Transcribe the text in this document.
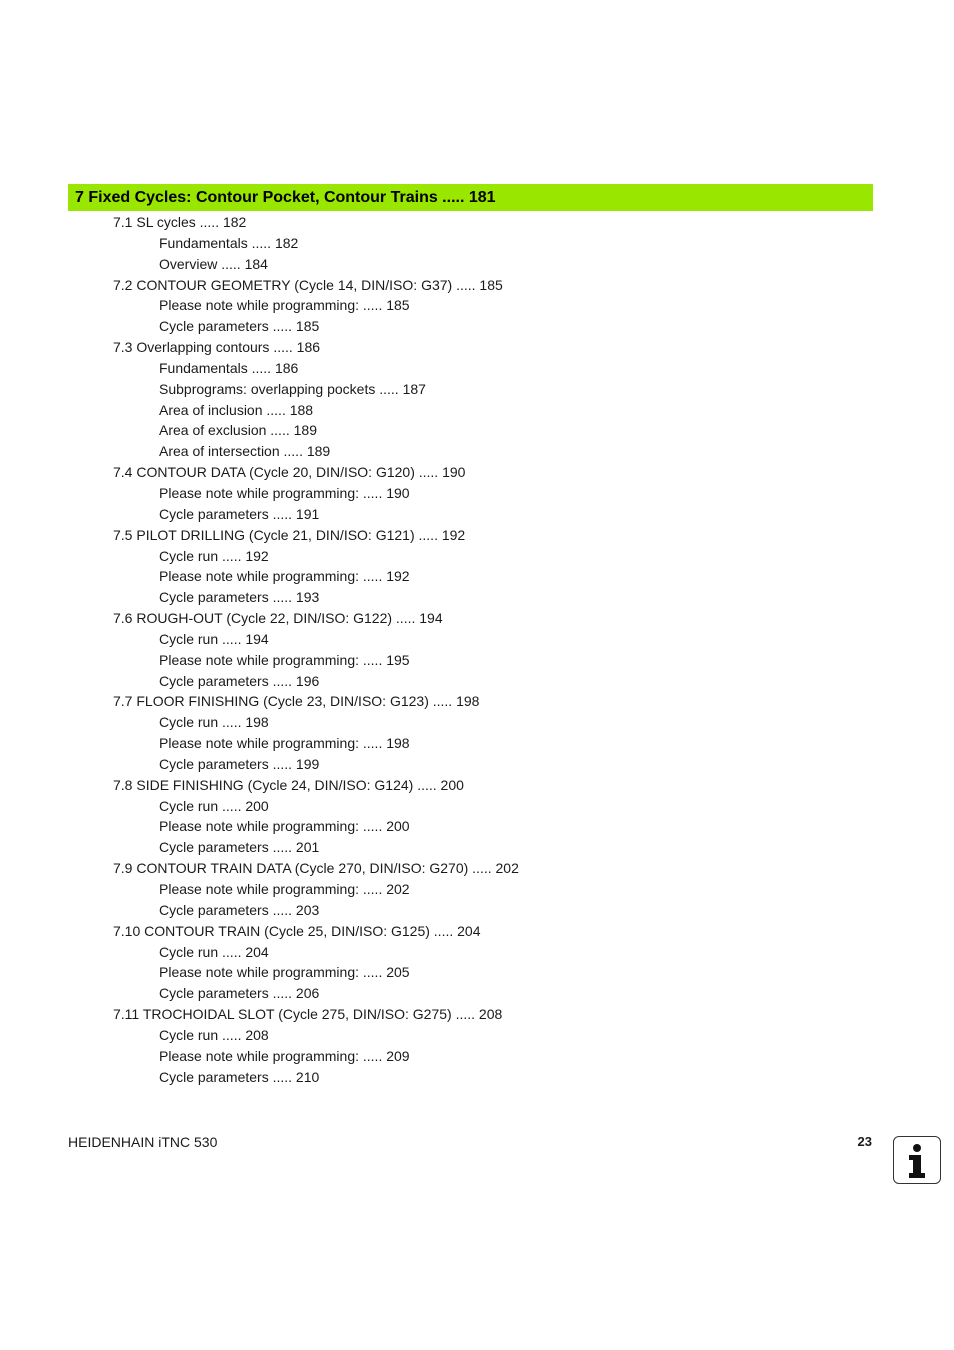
7 Fixed Cycles: Contour Pocket, Contour Trains ..... 181
7.1 SL cycles ..... 182
Fundamentals ..... 182
Overview ..... 184
7.2 CONTOUR GEOMETRY (Cycle 14, DIN/ISO: G37) ..... 185
Please note while programming: ..... 185
Cycle parameters ..... 185
7.3 Overlapping contours ..... 186
Fundamentals ..... 186
Subprograms: overlapping pockets ..... 187
Area of inclusion ..... 188
Area of exclusion ..... 189
Area of intersection ..... 189
7.4 CONTOUR DATA (Cycle 20, DIN/ISO: G120) ..... 190
Please note while programming: ..... 190
Cycle parameters ..... 191
7.5 PILOT DRILLING (Cycle 21, DIN/ISO: G121) ..... 192
Cycle run ..... 192
Please note while programming: ..... 192
Cycle parameters ..... 193
7.6 ROUGH-OUT (Cycle 22, DIN/ISO: G122) ..... 194
Cycle run ..... 194
Please note while programming: ..... 195
Cycle parameters ..... 196
7.7 FLOOR FINISHING (Cycle 23, DIN/ISO: G123) ..... 198
Cycle run ..... 198
Please note while programming: ..... 198
Cycle parameters ..... 199
7.8 SIDE FINISHING (Cycle 24, DIN/ISO: G124) ..... 200
Cycle run ..... 200
Please note while programming: ..... 200
Cycle parameters ..... 201
7.9 CONTOUR TRAIN DATA (Cycle 270, DIN/ISO: G270) ..... 202
Please note while programming: ..... 202
Cycle parameters ..... 203
7.10 CONTOUR TRAIN (Cycle 25, DIN/ISO: G125) ..... 204
Cycle run ..... 204
Please note while programming: ..... 205
Cycle parameters ..... 206
7.11 TROCHOIDAL SLOT (Cycle 275, DIN/ISO: G275) ..... 208
Cycle run ..... 208
Please note while programming: ..... 209
Cycle parameters ..... 210
HEIDENHAIN iTNC 530	23
